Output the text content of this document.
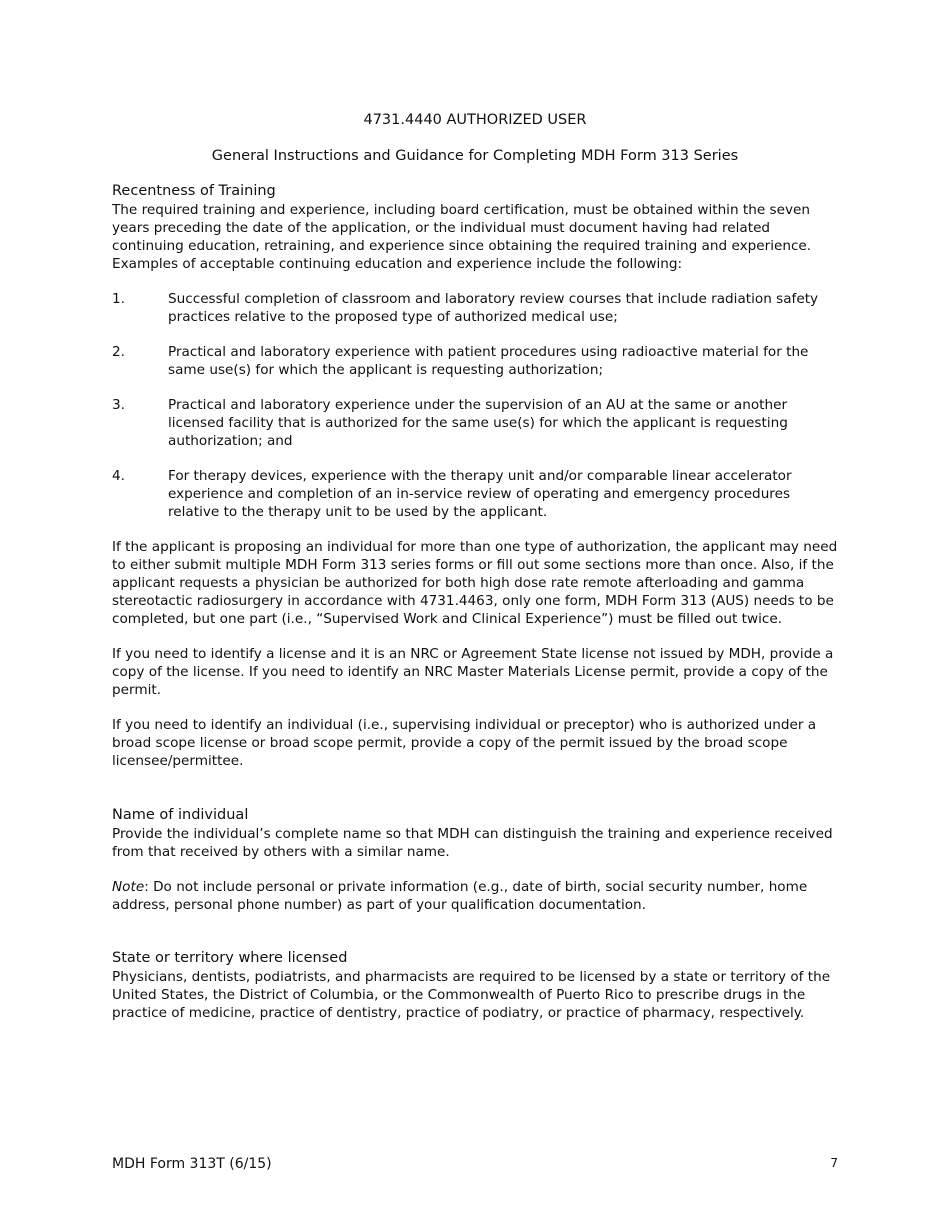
4731.4440 AUTHORIZED USER
General Instructions and Guidance for Completing MDH Form 313 Series
Recentness of Training

The required training and experience, including board certification, must be obtained within the seven years preceding the date of the application, or the individual must document having had related continuing education, retraining, and experience since obtaining the required training and experience. Examples of acceptable continuing education and experience include the following:

1.	Successful completion of classroom and laboratory review courses that include radiation safety practices relative to the proposed type of authorized medical use;
2.	Practical and laboratory experience with patient procedures using radioactive material for the same use(s) for which the applicant is requesting authorization;
3.	Practical and laboratory experience under the supervision of an AU at the same or another licensed facility that is authorized for the same use(s) for which the applicant is requesting authorization; and
4.	For therapy devices, experience with the therapy unit and/or comparable linear accelerator experience and completion of an in-service review of operating and emergency procedures relative to the therapy unit to be used by the applicant.

If the applicant is proposing an individual for more than one type of authorization, the applicant may need to either submit multiple MDH Form 313 series forms or fill out some sections more than once. Also, if the applicant requests a physician be authorized for both high dose rate remote afterloading and gamma stereotactic radiosurgery in accordance with 4731.4463, only one form, MDH Form 313 (AUS) needs to be completed, but one part (i.e., “Supervised Work and Clinical Experience”) must be filled out twice.

If you need to identify a license and it is an NRC or Agreement State license not issued by MDH, provide a copy of the license. If you need to identify an NRC Master Materials License permit, provide a copy of the permit.

If you need to identify an individual (i.e., supervising individual or preceptor) who is authorized under a broad scope license or broad scope permit, provide a copy of the permit issued by the broad scope licensee/permittee.

Name of individual

Provide the individual’s complete name so that MDH can distinguish the training and experience received from that received by others with a similar name.

Note: Do not include personal or private information (e.g., date of birth, social security number, home address, personal phone number) as part of your qualification documentation.

State or territory where licensed

Physicians, dentists, podiatrists, and pharmacists are required to be licensed by a state or territory of the United States, the District of Columbia, or the Commonwealth of Puerto Rico to prescribe drugs in the practice of medicine, practice of dentistry, practice of podiatry, or practice of pharmacy, respectively.

MDH Form 313T (6/15)	7
